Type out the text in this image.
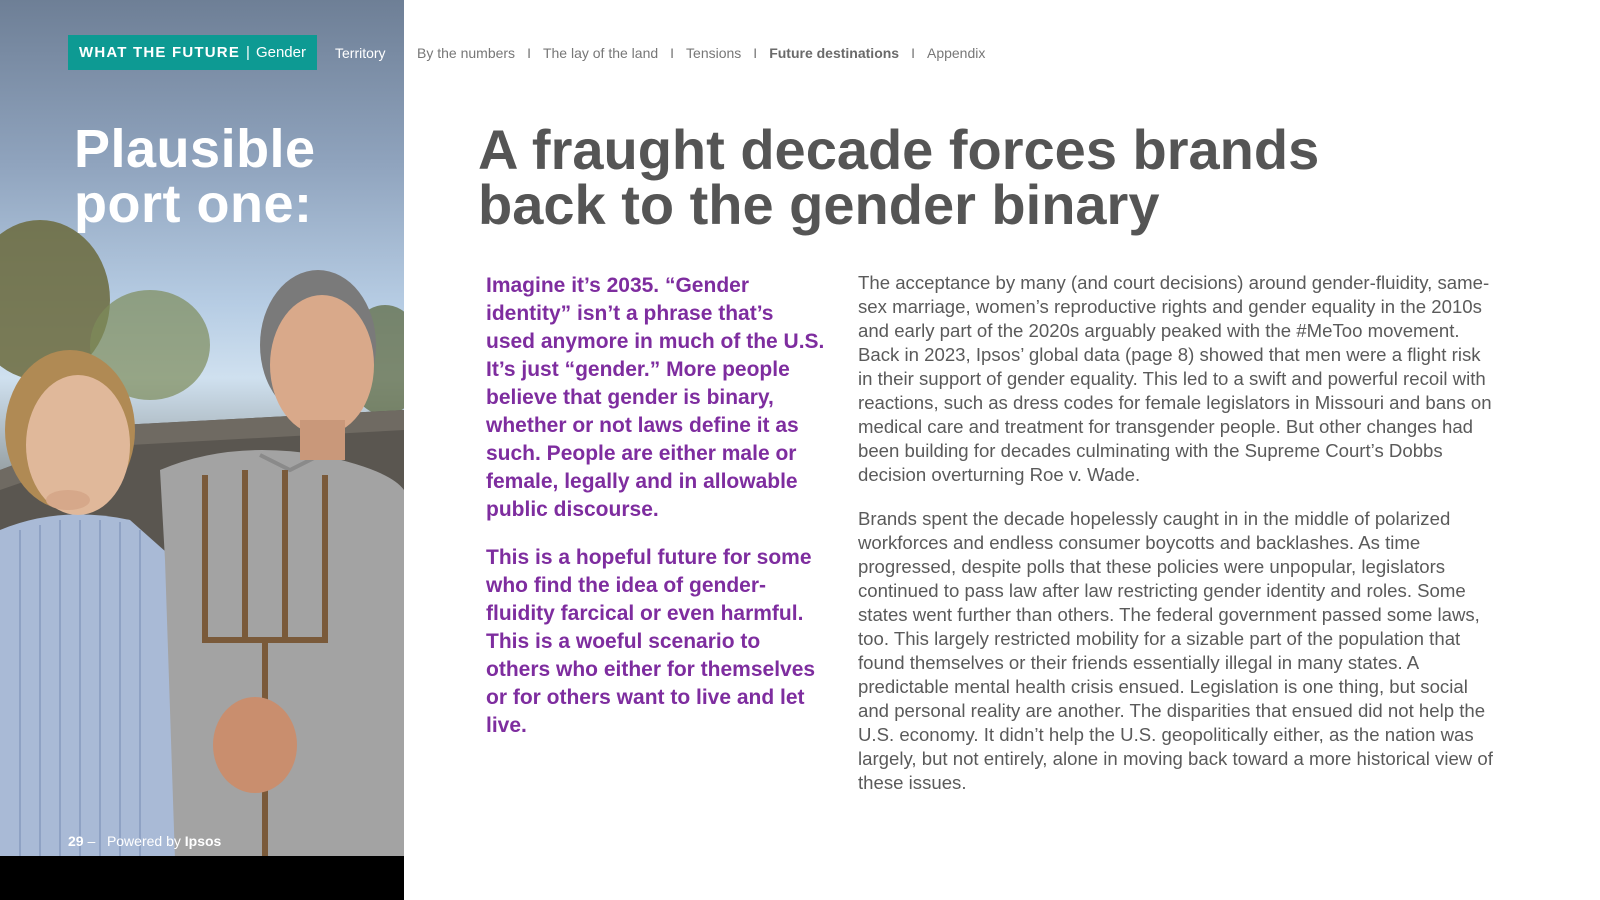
WHAT THE FUTURE | Gender Territory By the numbers I The lay of the land I Tensions I Future destinations I Appendix
Plausible
port one:
A fraught decade forces brands
back to the gender binary

Imagine it’s 2035. “Gender identity” isn’t a phrase that’s used anymore in much of the U.S. It’s just “gender.” More people believe that gender is binary, whether or not laws define it as such. People are either male or female, legally and in allowable public discourse.

This is a hopeful future for some who find the idea of gender-fluidity farcical or even harmful. This is a woeful scenario to others who either for themselves or for others want to live and let live.

The acceptance by many (and court decisions) around gender-fluidity, same-sex marriage, women’s reproductive rights and gender equality in the 2010s and early part of the 2020s arguably peaked with the #MeToo movement. Back in 2023, Ipsos’ global data (page 8) showed that men were a flight risk in their support of gender equality. This led to a swift and powerful recoil with reactions, such as dress codes for female legislators in Missouri and bans on medical care and treatment for transgender people. But other changes had been building for decades culminating with the Supreme Court’s Dobbs decision overturning Roe v. Wade.

Brands spent the decade hopelessly caught in in the middle of polarized workforces and endless consumer boycotts and backlashes. As time progressed, despite polls that these policies were unpopular, legislators continued to pass law after law restricting gender identity and roles. Some states went further than others. The federal government passed some laws, too. This largely restricted mobility for a sizable part of the population that found themselves or their friends essentially illegal in many states. A predictable mental health crisis ensued. Legislation is one thing, but social and personal reality are another. The disparities that ensued did not help the U.S. economy. It didn’t help the U.S. geopolitically either, as the nation was largely, but not entirely, alone in moving back toward a more historical view of these issues.

29 – Powered by Ipsos
